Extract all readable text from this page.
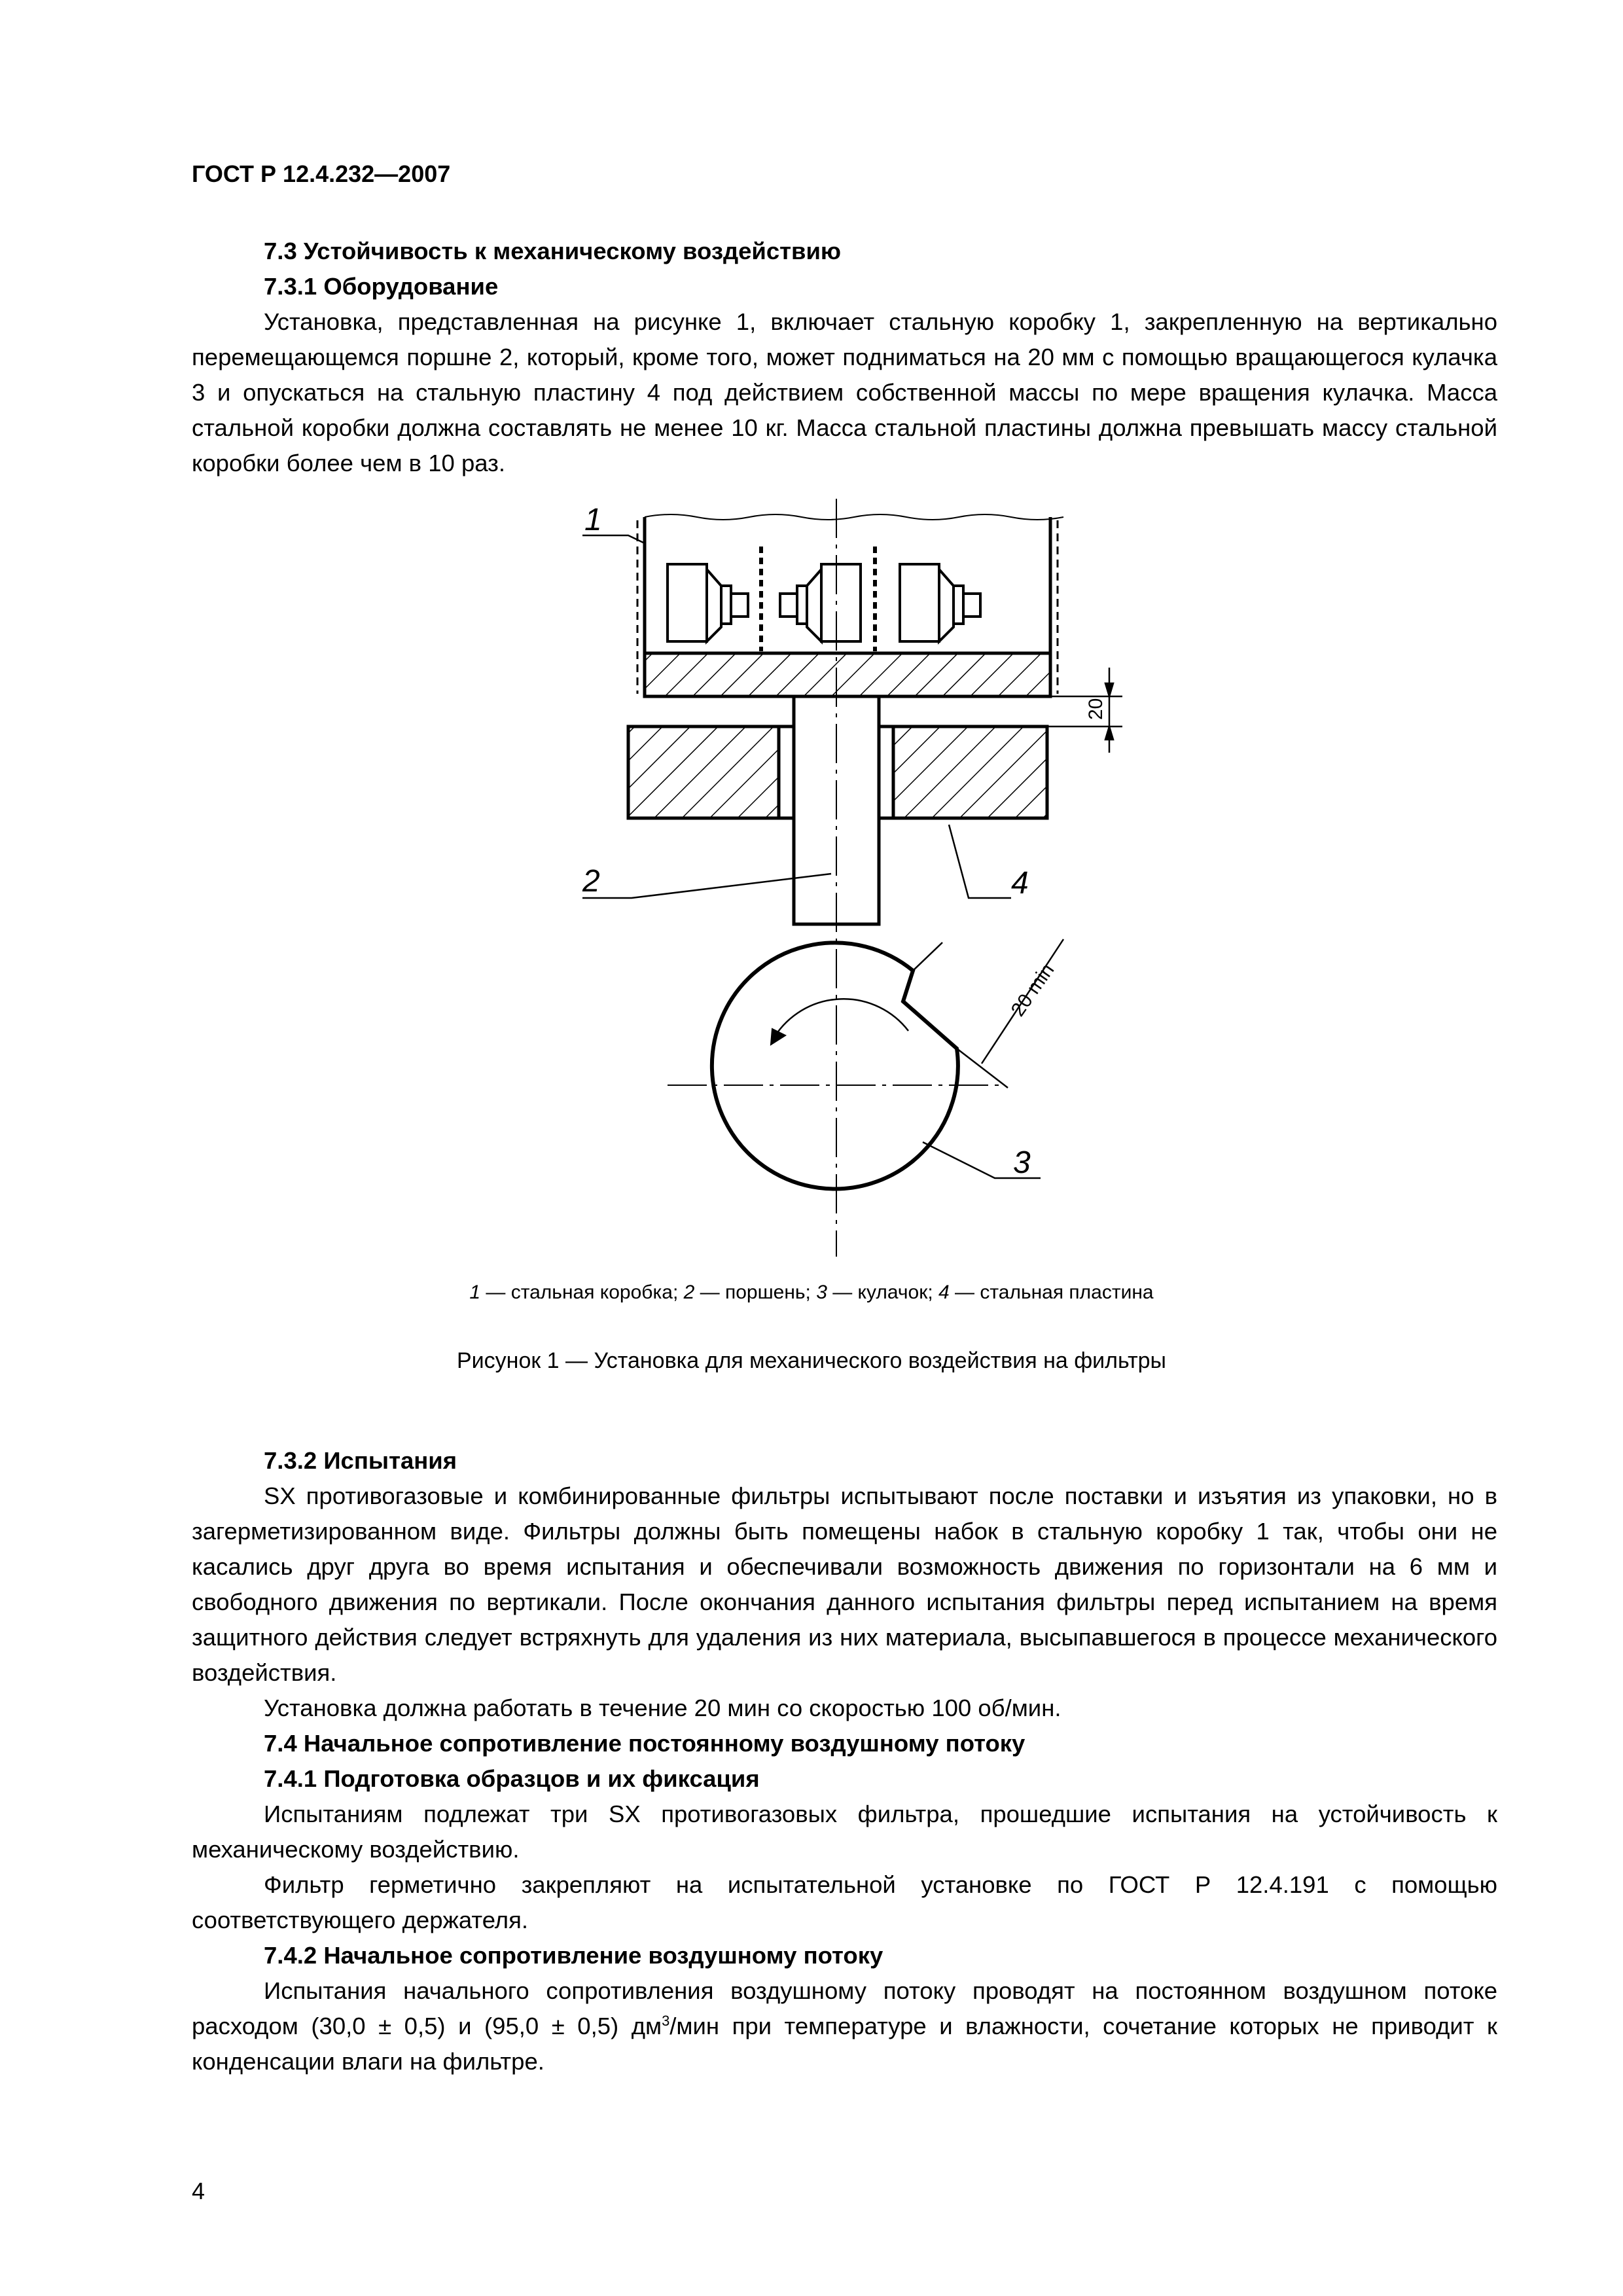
ГОСТ Р 12.4.232—2007
7.3 Устойчивость к механическому воздействию
7.3.1 Оборудование
Установка, представленная на рисунке 1, включает стальную коробку 1, закрепленную на вертикально перемещающемся поршне 2, который, кроме того, может подниматься на 20 мм с помощью вращающегося кулачка 3 и опускаться на стальную пластину 4 под действием собственной массы по мере вращения кулачка. Масса стальной коробки должна составлять не менее 10 кг. Масса стальной пластины должна превышать массу стальной коробки более чем в 10 раз.
20
20 min
1
2	4
3
1 — стальная коробка; 2 — поршень; 3 — кулачок; 4 — стальная пластина
Рисунок 1 — Установка для механического воздействия на фильтры
7.3.2 Испытания
SX противогазовые и комбинированные фильтры испытывают после поставки и изъятия из упаковки, но в загерметизированном виде. Фильтры должны быть помещены набок в стальную коробку 1 так, чтобы они не касались друг друга во время испытания и обеспечивали возможность движения по горизонтали на 6 мм и свободного движения по вертикали. После окончания данного испытания фильтры перед испытанием на время защитного действия следует встряхнуть для удаления из них материала, высыпавшегося в процессе механического воздействия.
Установка должна работать в течение 20 мин со скоростью 100 об/мин.
7.4 Начальное сопротивление постоянному воздушному потоку
7.4.1 Подготовка образцов и их фиксация
Испытаниям подлежат три SX противогазовых фильтра, прошедшие испытания на устойчивость к механическому воздействию.
Фильтр герметично закрепляют на испытательной установке по ГОСТ Р 12.4.191 с помощью соответствующего держателя.
7.4.2 Начальное сопротивление воздушному потоку
Испытания начального сопротивления воздушному потоку проводят на постоянном воздушном потоке расходом (30,0 ± 0,5) и (95,0 ± 0,5) $дм^3$/мин при температуре и влажности, сочетание которых не приводит к конденсации влаги на фильтре.
4
